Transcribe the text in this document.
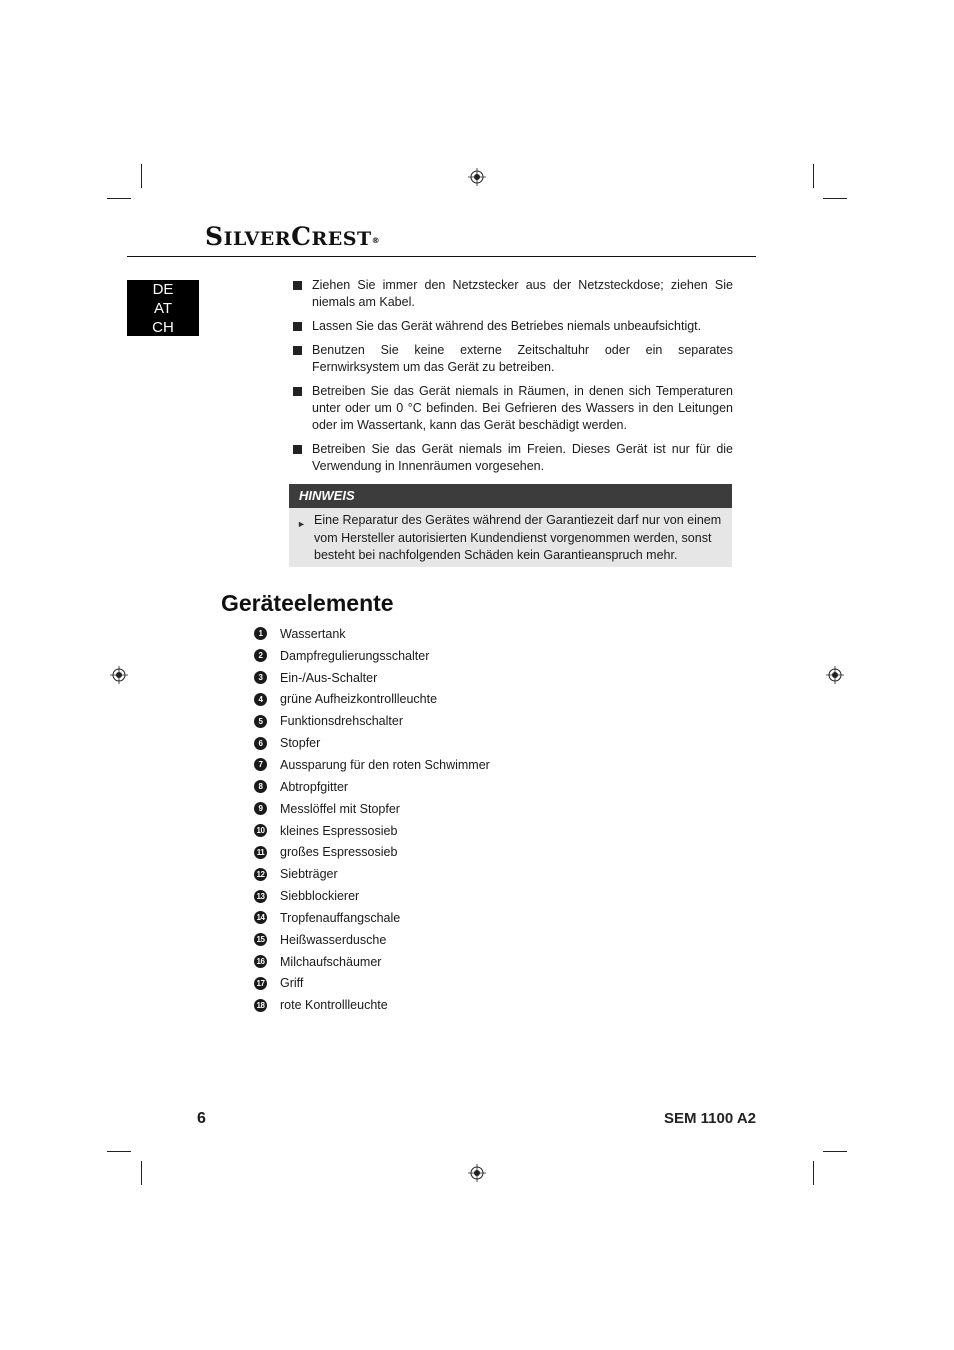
SILVERCREST®
DE
AT
CH
Ziehen Sie immer den Netzstecker aus der Netzsteckdose; ziehen Sie niemals am Kabel.
Lassen Sie das Gerät während des Betriebes niemals unbeaufsichtigt.
Benutzen Sie keine externe Zeitschaltuhr oder ein separates Fernwirksystem um das Gerät zu betreiben.
Betreiben Sie das Gerät niemals in Räumen, in denen sich Temperaturen unter oder um 0 °C befinden. Bei Gefrieren des Wassers in den Leitungen oder im Wassertank, kann das Gerät beschädigt werden.
Betreiben Sie das Gerät niemals im Freien. Dieses Gerät ist nur für die Verwendung in Innenräumen vorgesehen.
HINWEIS
► Eine Reparatur des Gerätes während der Garantiezeit darf nur von einem vom Hersteller autorisierten Kundendienst vorgenommen werden, sonst besteht bei nachfolgenden Schäden kein Garantieanspruch mehr.
Geräteelemente
1	Wassertank
2	Dampfregulierungsschalter
3	Ein-/Aus-Schalter
4	grüne Aufheizkontrollleuchte
5	Funktionsdrehschalter
6	Stopfer
7	Aussparung für den roten Schwimmer
8	Abtropfgitter
9	Messlöffel mit Stopfer
10 kleines Espressosieb
11 großes Espressosieb
12 Siebträger
13 Siebblockierer
14 Tropfenauffangschale
15 Heißwasserdusche
16 Milchaufschäumer
17 Griff
18 rote Kontrollleuchte
6	SEM 1100 A2
